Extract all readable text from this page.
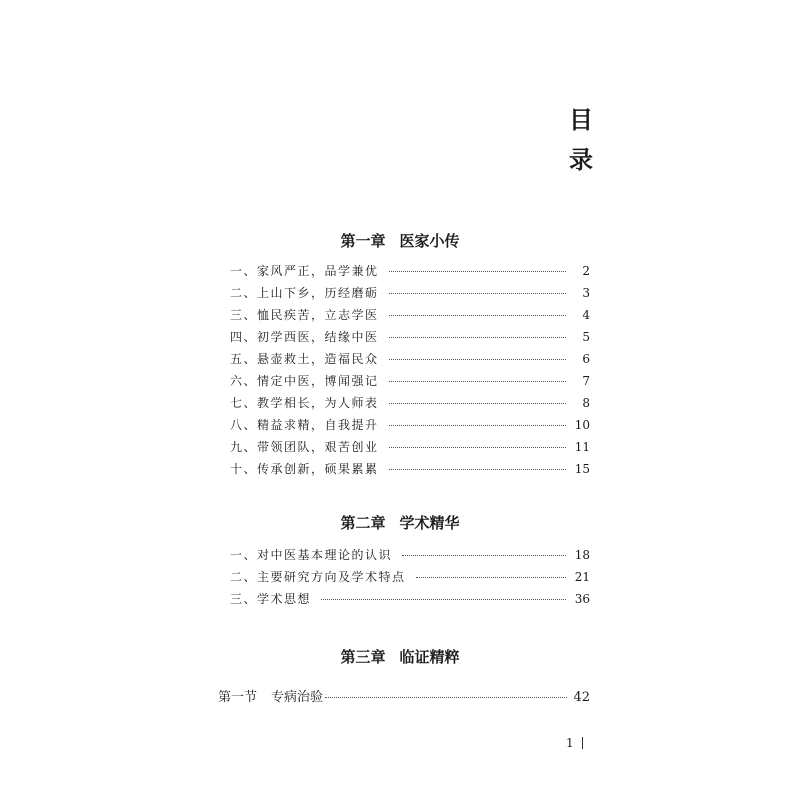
目
录
第一章 医家小传
一、家风严正，品学兼优	2
二、上山下乡，历经磨砺	3
三、恤民疾苦，立志学医	4
四、初学西医，结缘中医	5
五、悬壶救土，造福民众	6
六、情定中医，博闻强记	7
七、教学相长，为人师表	8
八、精益求精，自我提升	10
九、带领团队，艰苦创业	11
十、传承创新，硕果累累	15
第二章 学术精华
一、对中医基本理论的认识	18
二、主要研究方向及学术特点	21
三、学术思想	36
第三章 临证精粹
第一节 专病治验	42
1
